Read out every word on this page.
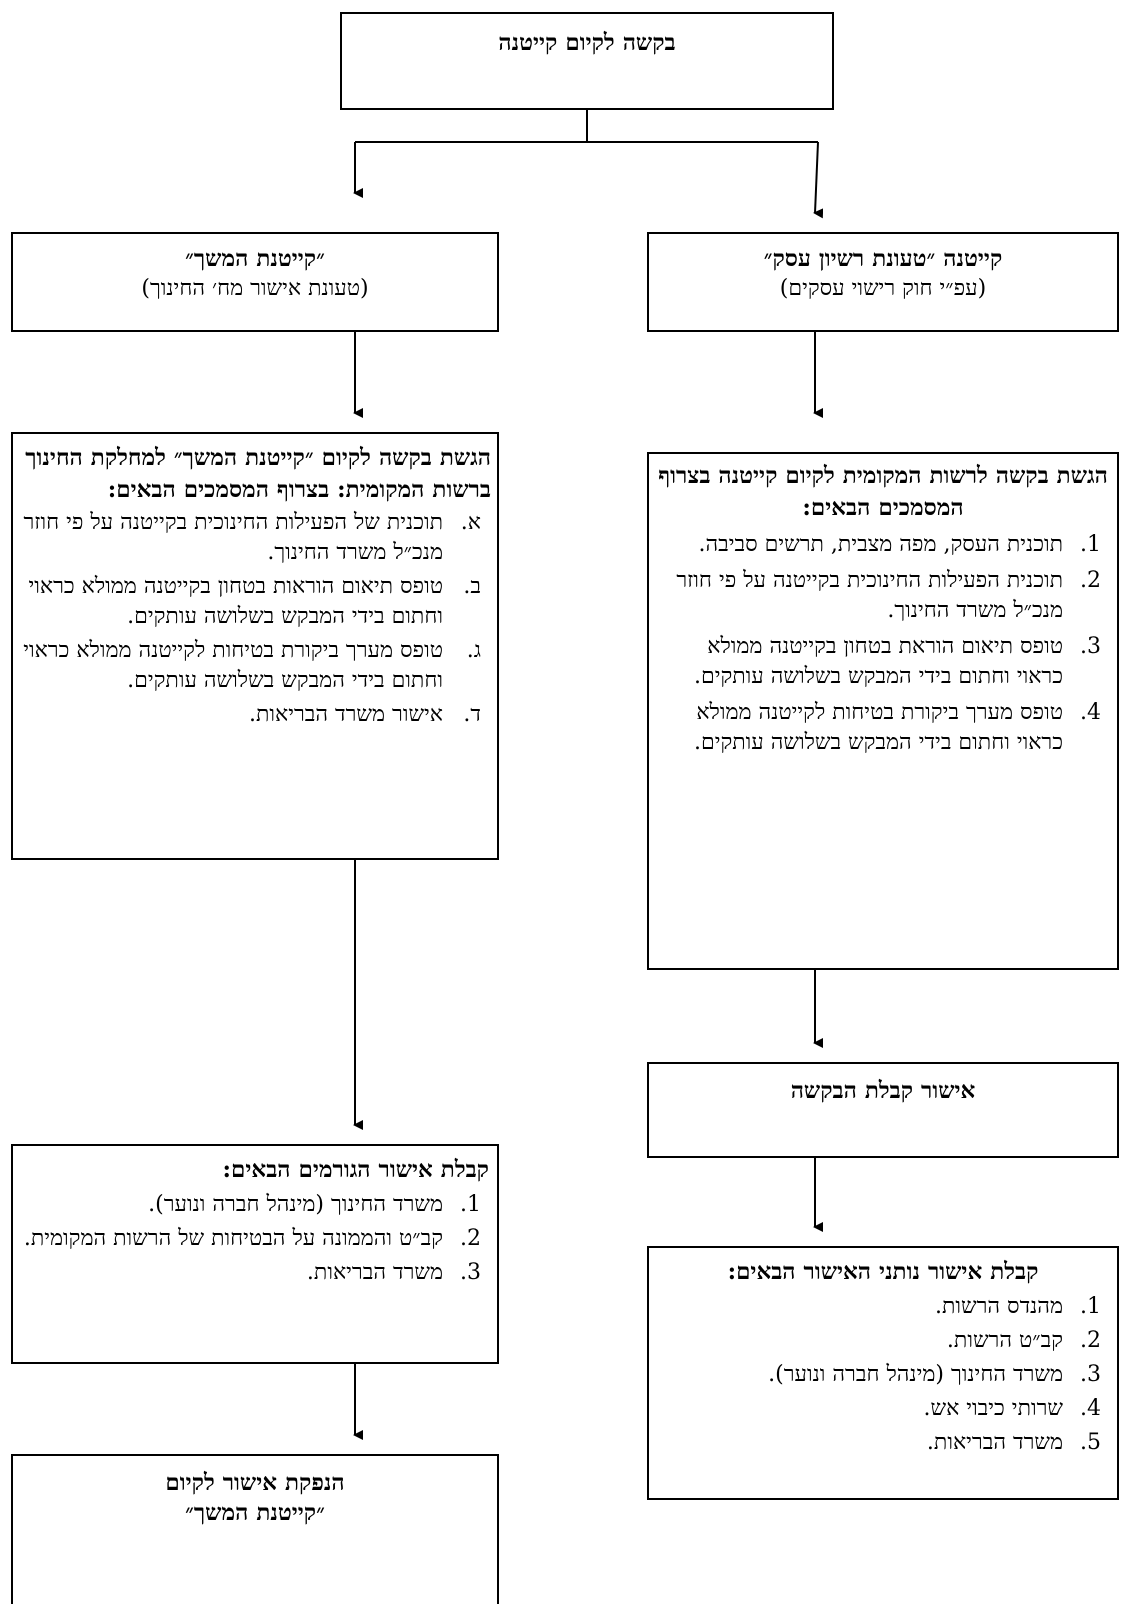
בקשה לקיום קייטנה
קייטנה ״טעונת רשיון עסק״
(עפ״י חוק רישוי עסקים)
הגשת בקשה לרשות המקומית לקיום קייטנה בצרוף המסמכים הבאים:
1.
תוכנית העסק, מפה מצבית, תרשים סביבה.
2.
תוכנית הפעילות החינוכית בקייטנה על פי חוזר מנכ״ל משרד החינוך.
3.
טופס תיאום הוראת בטחון בקייטנה ממולא כראוי וחתום בידי המבקש בשלושה עותקים.
4.
טופס מערך ביקורת בטיחות לקייטנה ממולא כראוי וחתום בידי המבקש בשלושה עותקים.
אישור קבלת הבקשה
קבלת אישור נותני האישור הבאים:
1.
מהנדס הרשות.
2.
קב״ט הרשות.
3.
משרד החינוך (מינהל חברה ונוער).
4.
שרותי כיבוי אש.
5.
משרד הבריאות.
״קייטנת המשך״
(טעונת אישור מח׳ החינוך)
הגשת בקשה לקיום ״קייטנת המשך״ למחלקת החינוך ברשות המקומית: בצרוף המסמכים הבאים:
א.
תוכנית של הפעילות החינוכית בקייטנה על פי חוזר מנכ״ל משרד החינוך.
ב.
טופס תיאום הוראות בטחון בקייטנה ממולא כראוי וחתום בידי המבקש בשלושה עותקים.
ג.
טופס מערך ביקורת בטיחות לקייטנה ממולא כראוי וחתום בידי המבקש בשלושה עותקים.
ד.
אישור משרד הבריאות.
קבלת אישור הגורמים הבאים:
1.
משרד החינוך (מינהל חברה ונוער).
2.
קב״ט והממונה על הבטיחות של הרשות המקומית.
3.
משרד הבריאות.
הנפקת אישור לקיום
״קייטנת המשך״
